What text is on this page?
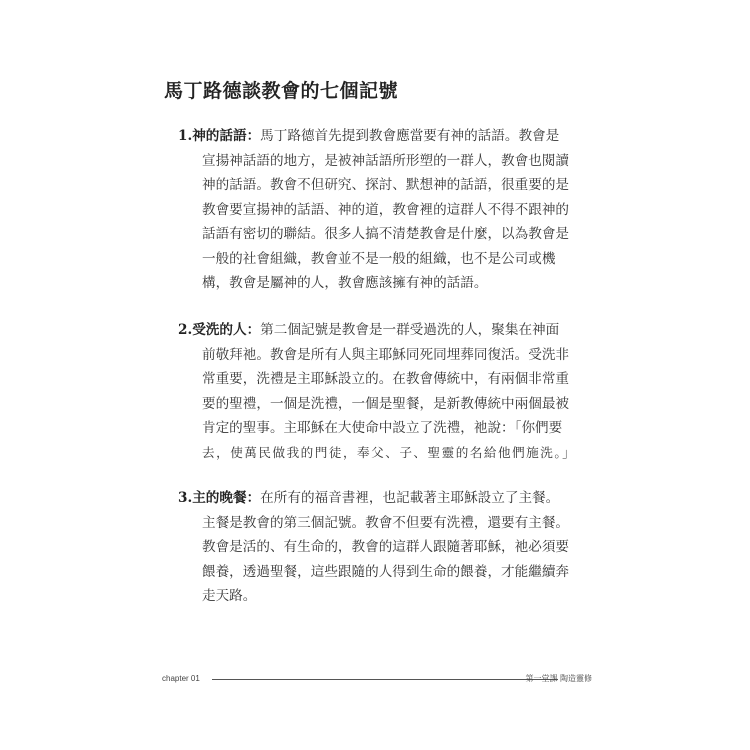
馬丁路德談教會的七個記號
1.神的話語：馬丁路德首先提到教會應當要有神的話語。教會是
宣揚神話語的地方，是被神話語所形塑的一群人，教會也閱讀
神的話語。教會不但研究、探討、默想神的話語，很重要的是
教會要宣揚神的話語、神的道，教會裡的這群人不得不跟神的
話語有密切的聯結。很多人搞不清楚教會是什麼，以為教會是
一般的社會組織，教會並不是一般的組織，也不是公司或機
構，教會是屬神的人，教會應該擁有神的話語。
2.受洗的人：第二個記號是教會是一群受過洗的人，聚集在神面
前敬拜祂。教會是所有人與主耶穌同死同埋葬同復活。受洗非
常重要，洗禮是主耶穌設立的。在教會傳統中，有兩個非常重
要的聖禮，一個是洗禮，一個是聖餐，是新教傳統中兩個最被
肯定的聖事。主耶穌在大使命中設立了洗禮，祂說：「你們要
去，使萬民做我的門徒，奉父、子、聖靈的名給他們施洗。」
3.主的晚餐：在所有的福音書裡，也記載著主耶穌設立了主餐。
主餐是教會的第三個記號。教會不但要有洗禮，還要有主餐。
教會是活的、有生命的，教會的這群人跟隨著耶穌，祂必須要
餵養，透過聖餐，這些跟隨的人得到生命的餵養，才能繼續奔
走天路。
chapter 01	第一堂課 陶造靈修
